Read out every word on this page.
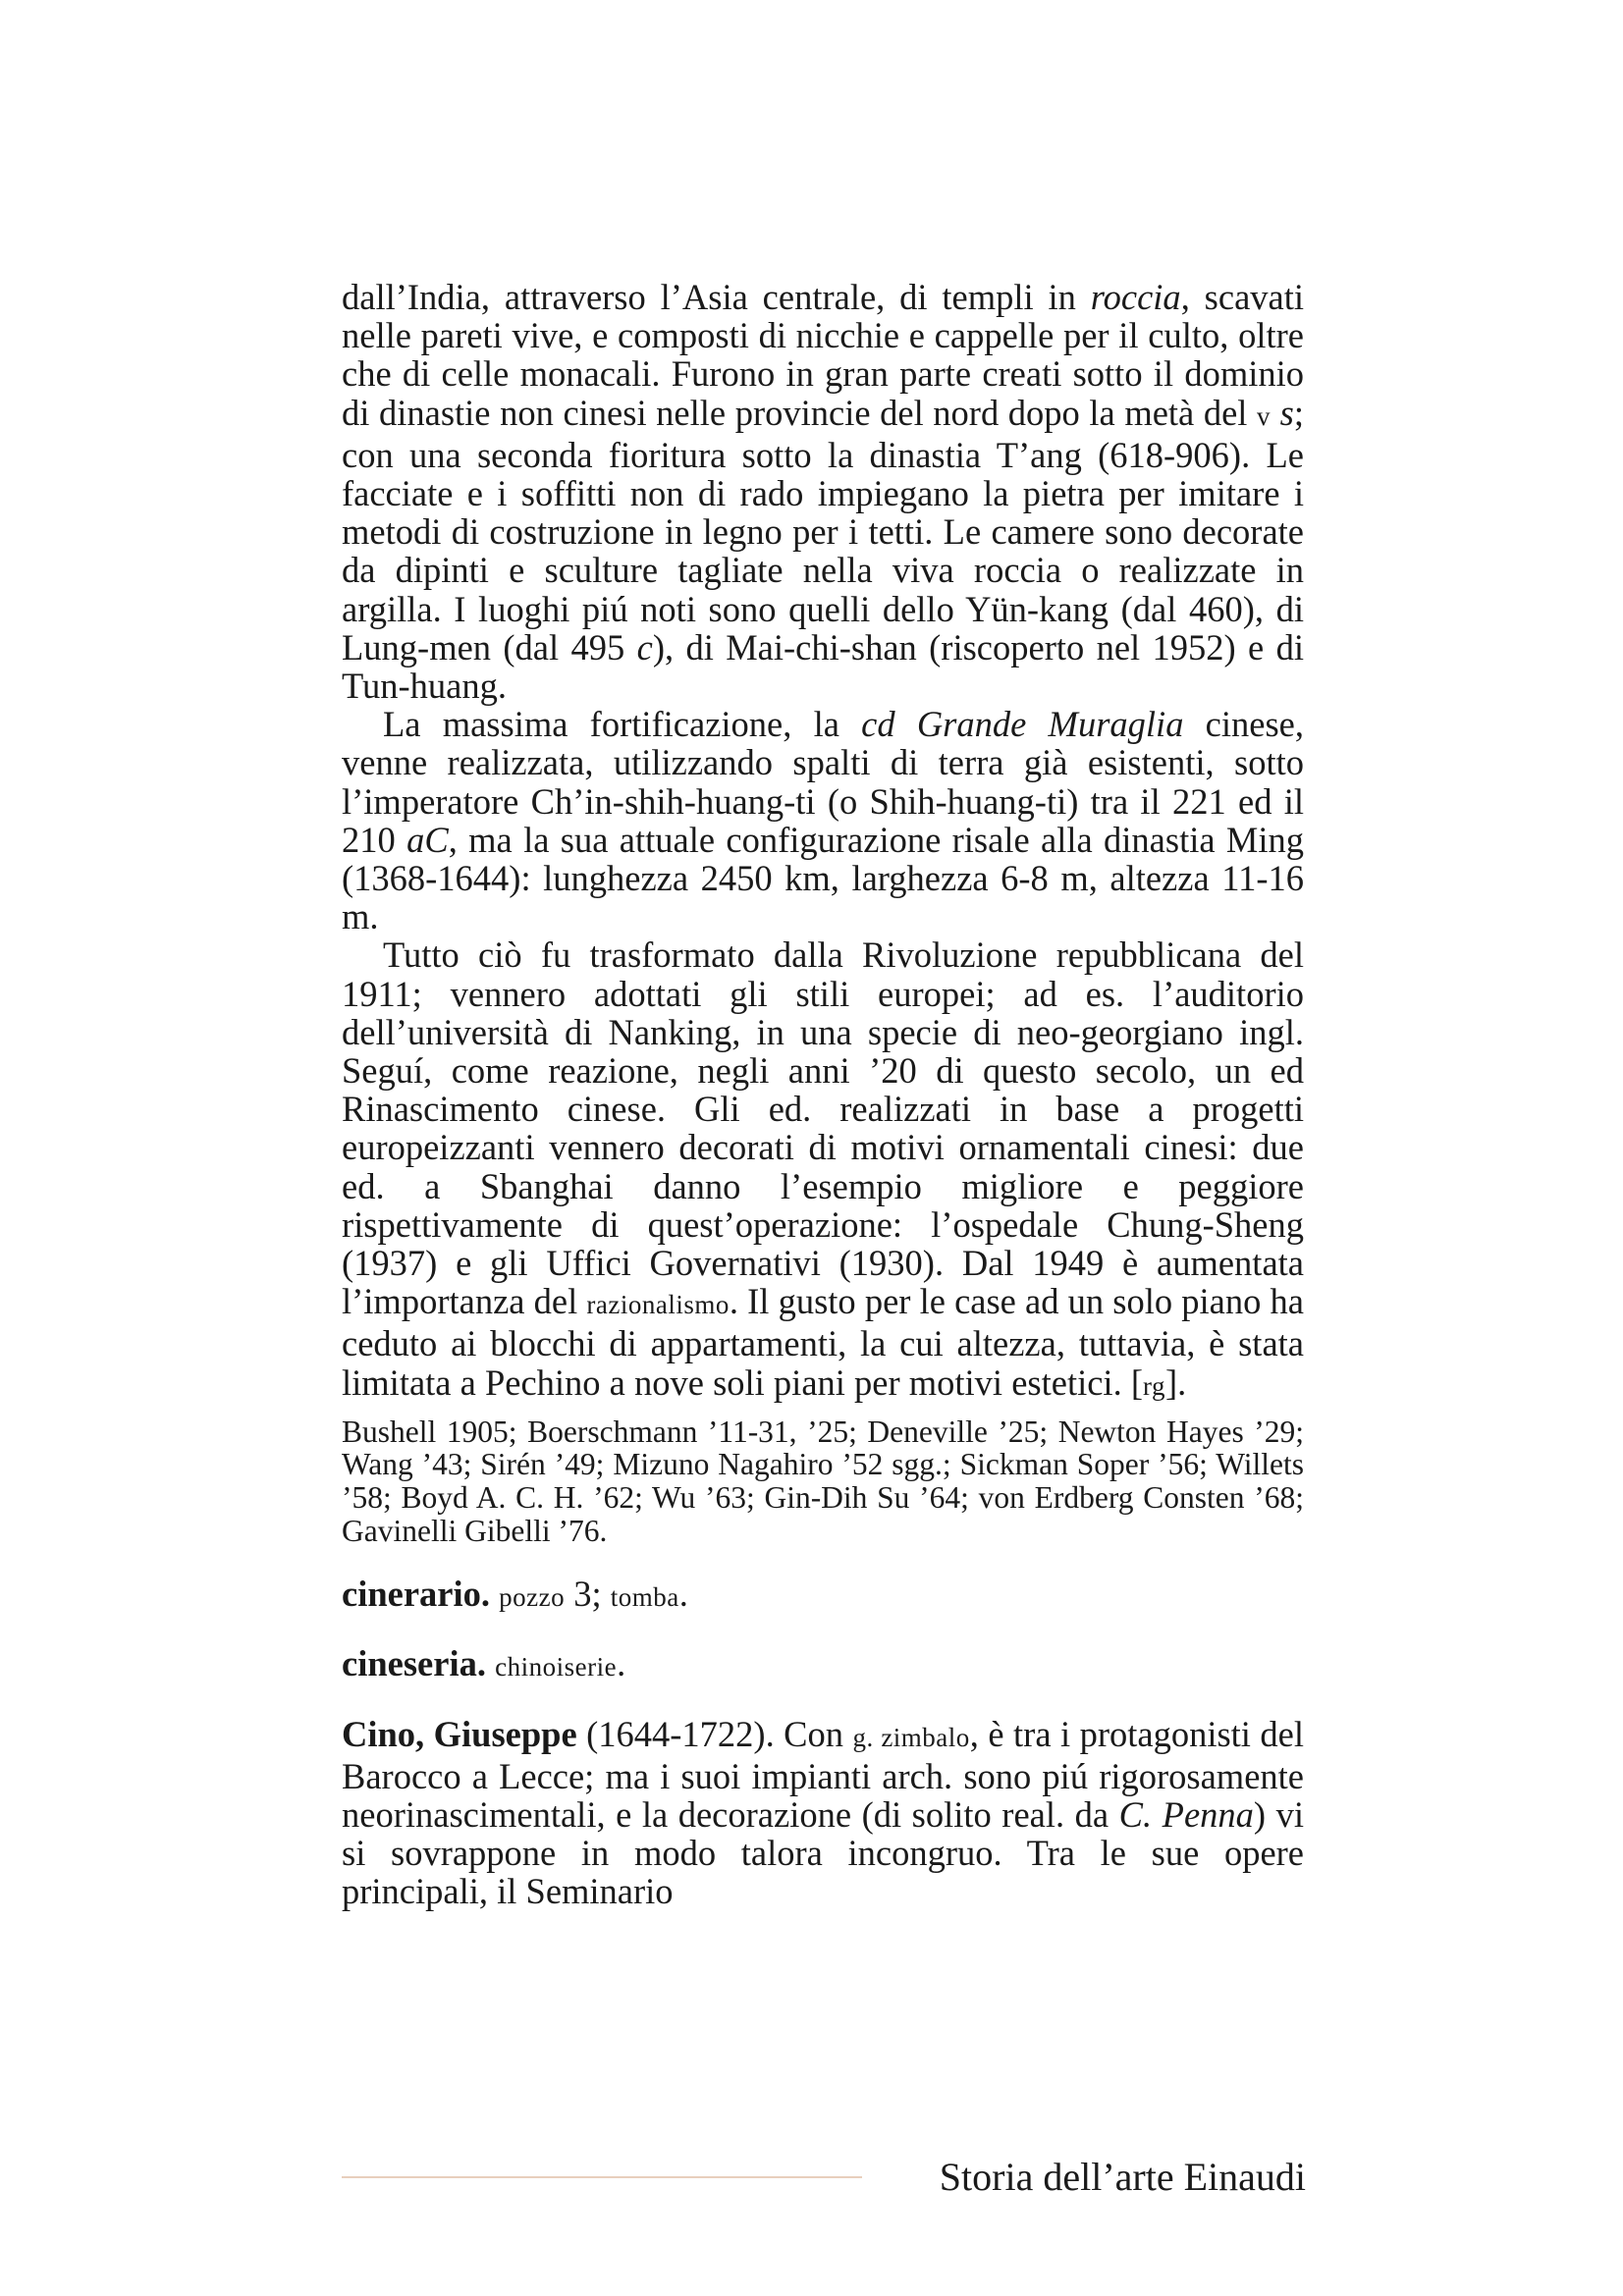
dall’India, attraverso l’Asia centrale, di templi in roccia, scavati nelle pareti vive, e composti di nicchie e cappelle per il culto, oltre che di celle monacali. Furono in gran parte creati sotto il dominio di dinastie non cinesi nelle provincie del nord dopo la metà del v s; con una seconda fioritura sotto la dinastia T’ang (618-906). Le facciate e i soffitti non di rado impiegano la pietra per imitare i metodi di costruzione in legno per i tetti. Le camere sono decorate da dipinti e sculture tagliate nella viva roccia o realizzate in argilla. I luoghi piú noti sono quelli dello Yün-kang (dal 460), di Lung-men (dal 495 c), di Mai-chi-shan (riscoperto nel 1952) e di Tun-huang.

La massima fortificazione, la cd Grande Muraglia cinese, venne realizzata, utilizzando spalti di terra già esistenti, sotto l’imperatore Ch’in-shih-huang-ti (o Shih-huang-ti) tra il 221 ed il 210 aC, ma la sua attuale configurazione risale alla dinastia Ming (1368-1644): lunghezza 2450 km, larghezza 6-8 m, altezza 11-16 m.

Tutto ciò fu trasformato dalla Rivoluzione repubblicana del 1911; vennero adottati gli stili europei; ad es. l’auditorio dell’università di Nanking, in una specie di neo-georgiano ingl. Seguí, come reazione, negli anni ’20 di questo secolo, un ed Rinascimento cinese. Gli ed. realizzati in base a progetti europeizzanti vennero decorati di motivi ornamentali cinesi: due ed. a Sbanghai danno l’esempio migliore e peggiore rispettivamente di quest’operazione: l’ospedale Chung-Sheng (1937) e gli Uffici Governativi (1930). Dal 1949 è aumentata l’importanza del razionalismo. Il gusto per le case ad un solo piano ha ceduto ai blocchi di appartamenti, la cui altezza, tuttavia, è stata limitata a Pechino a nove soli piani per motivi estetici. [rg].

Bushell 1905; Boerschmann ’11-31, ’25; Deneville ’25; Newton Hayes ’29; Wang ’43; Sirén ’49; Mizuno Nagahiro ’52 sgg.; Sickman Soper ’56; Willets ’58; Boyd A. C. H. ’62; Wu ’63; Gin-Dih Su ’64; von Erdberg Consten ’68; Gavinelli Gibelli ’76.

cinerario. pozzo 3; tomba.

cineseria. chinoiserie.

Cino, Giuseppe (1644-1722). Con g. zimbalo, è tra i protagonisti del Barocco a Lecce; ma i suoi impianti arch. sono piú rigorosamente neorinascimentali, e la decorazione (di solito real. da C. Penna) vi si sovrappone in modo talora incongruo. Tra le sue opere principali, il Seminario

Storia dell’arte Einaudi
